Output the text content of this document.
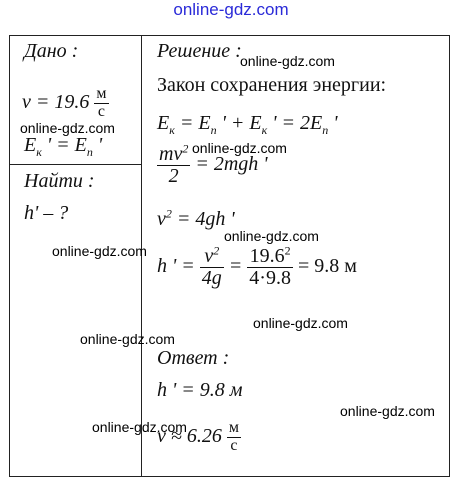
online-gdz.com
Дано :
$v = 19.6 \frac{м}{с}$
$E_к$ ' = $E_п$ '
Найти :
h' – ?
Решение :
Закон сохранения энергии:
$E_к = E_п$ ' + $E_к$ ' = $2E_п$ '
$\frac{mv^2}{2} = 2mgh$ '
$v^2 = 4gh$ '
h ' = $\frac{v^2}{4g} = \frac{19.6^2}{4\cdot 9.8} = 9.8$ м
Ответ :
h ' = 9.8 м
$v \approx 6.26 \frac{м}{с}$
online-gdz.com
online-gdz.com
online-gdz.com
online-gdz.com
online-gdz.com
online-gdz.com
online-gdz.com
online-gdz.com
online-gdz.com
